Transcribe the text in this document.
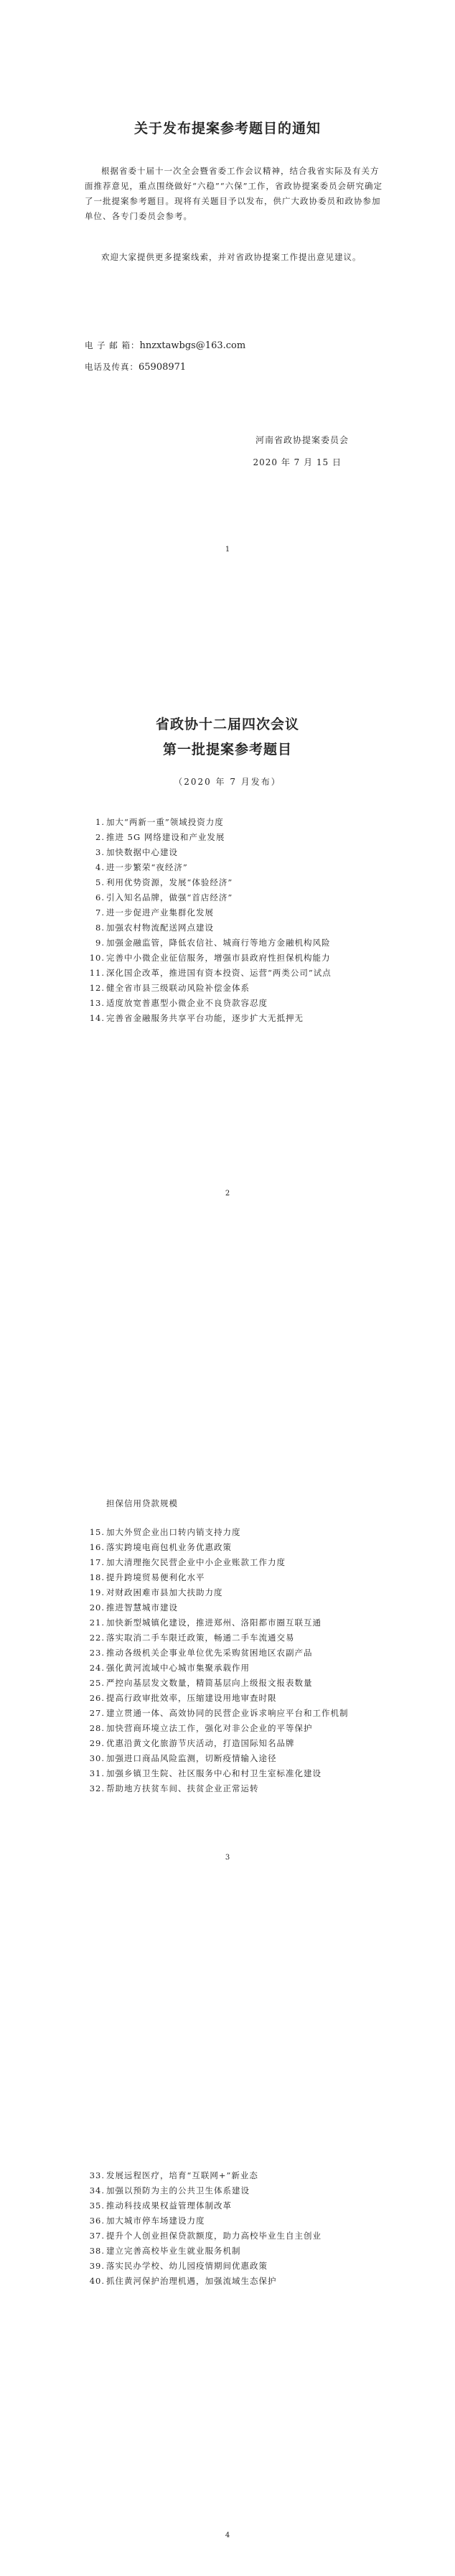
关于发布提案参考题目的通知

根据省委十届十一次全会暨省委工作会议精神，结合我省实际及有关方面推荐意见，重点围绕做好“六稳”“六保”工作，省政协提案委员会研究确定了一批提案参考题目。现将有关题目予以发布，供广大政协委员和政协参加单位、各专门委员会参考。

欢迎大家提供更多提案线索，并对省政协提案工作提出意见建议。

电 子 邮 箱：hnzxtawbgs@163.com
电话及传真：65908971
河南省政协提案委员会
2020 年 7 月 15 日
1
2
3
4
省政协十二届四次会议
第一批提案参考题目
（2020 年 7 月发布）
1. 加大“两新一重”领域投资力度
2. 推进 5G 网络建设和产业发展
3. 加快数据中心建设
4. 进一步繁荣“夜经济”
5. 利用优势资源，发展“体验经济”
6. 引入知名品牌，做强“首店经济”
7. 进一步促进产业集群化发展
8. 加强农村物流配送网点建设
9. 加强金融监管，降低农信社、城商行等地方金融机构风险
10. 完善中小微企业征信服务，增强市县政府性担保机构能力
11. 深化国企改革，推进国有资本投资、运营“两类公司”试点
12. 健全省市县三级联动风险补偿金体系
13. 适度放宽普惠型小微企业不良贷款容忍度
14. 完善省金融服务共享平台功能，逐步扩大无抵押无
担保信用贷款规模
15. 加大外贸企业出口转内销支持力度
16. 落实跨境电商包机业务优惠政策
17. 加大清理拖欠民营企业中小企业账款工作力度
18. 提升跨境贸易便利化水平
19. 对财政困难市县加大扶助力度
20. 推进智慧城市建设
21. 加快新型城镇化建设，推进郑州、洛阳都市圈互联互通
22. 落实取消二手车限迁政策，畅通二手车流通交易
23. 推动各级机关企事业单位优先采购贫困地区农副产品
24. 强化黄河流域中心城市集聚承载作用
25. 严控向基层发文数量，精简基层向上级报文报表数量
26. 提高行政审批效率，压缩建设用地审查时限
27. 建立贯通一体、高效协同的民营企业诉求响应平台和工作机制
28. 加快营商环境立法工作，强化对非公企业的平等保护
29. 优惠沿黄文化旅游节庆活动，打造国际知名品牌
30. 加强进口商品风险监测，切断疫情输入途径
31. 加强乡镇卫生院、社区服务中心和村卫生室标准化建设
32. 帮助地方扶贫车间、扶贫企业正常运转
33. 发展远程医疗，培育“互联网+”新业态
34. 加强以预防为主的公共卫生体系建设
35. 推动科技成果权益管理体制改革
36. 加大城市停车场建设力度
37. 提升个人创业担保贷款额度，助力高校毕业生自主创业
38. 建立完善高校毕业生就业服务机制
39. 落实民办学校、幼儿园疫情期间优惠政策
40. 抓住黄河保护治理机遇，加强流域生态保护
